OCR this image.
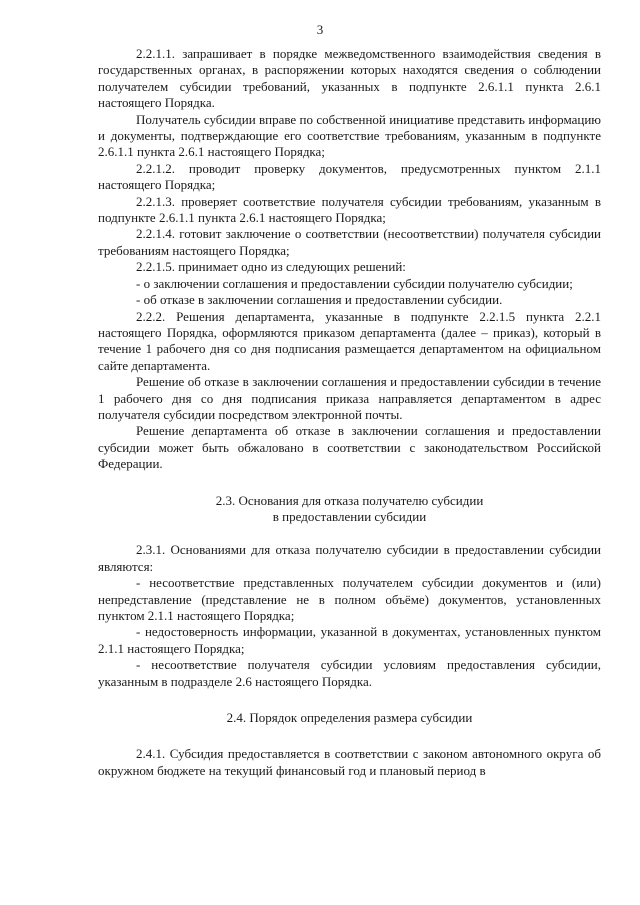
3

2.2.1.1. запрашивает в порядке межведомственного взаимодействия сведения в государственных органах, в распоряжении которых находятся сведения о соблюдении получателем субсидии требований, указанных в подпункте 2.6.1.1 пункта 2.6.1 настоящего Порядка.

Получатель субсидии вправе по собственной инициативе представить информацию и документы, подтверждающие его соответствие требованиям, указанным в подпункте 2.6.1.1 пункта 2.6.1 настоящего Порядка;

2.2.1.2. проводит проверку документов, предусмотренных пунктом 2.1.1 настоящего Порядка;

2.2.1.3. проверяет соответствие получателя субсидии требованиям, указанным в подпункте 2.6.1.1 пункта 2.6.1 настоящего Порядка;

2.2.1.4. готовит заключение о соответствии (несоответствии) получателя субсидии требованиям настоящего Порядка;

2.2.1.5. принимает одно из следующих решений:

- о заключении соглашения и предоставлении субсидии получателю субсидии;

- об отказе в заключении соглашения и предоставлении субсидии.

2.2.2. Решения департамента, указанные в подпункте 2.2.1.5 пункта 2.2.1 настоящего Порядка, оформляются приказом департамента (далее – приказ), который в течение 1 рабочего дня со дня подписания размещается департаментом на официальном сайте департамента.

Решение об отказе в заключении соглашения и предоставлении субсидии в течение 1 рабочего дня со дня подписания приказа направляется департаментом в адрес получателя субсидии посредством электронной почты.

Решение департамента об отказе в заключении соглашения и предоставлении субсидии может быть обжаловано в соответствии с законодательством Российской Федерации.

2.3. Основания для отказа получателю субсидии

в предоставлении субсидии

2.3.1. Основаниями для отказа получателю субсидии в предоставлении субсидии являются:

- несоответствие представленных получателем субсидии документов и (или) непредставление (представление не в полном объёме) документов, установленных пунктом 2.1.1 настоящего Порядка;

- недостоверность информации, указанной в документах, установленных пунктом 2.1.1 настоящего Порядка;

- несоответствие получателя субсидии условиям предоставления субсидии, указанным в подразделе 2.6 настоящего Порядка.

2.4. Порядок определения размера субсидии

2.4.1. Субсидия предоставляется в соответствии с законом автономного округа об окружном бюджете на текущий финансовый год и плановый период в
